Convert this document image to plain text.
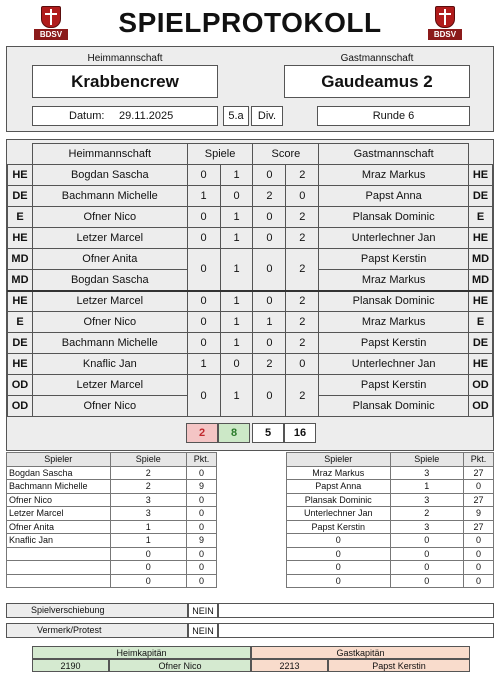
BDSV	BDSV
SPIELPROTOKOLL
Heimmannschaft	Gastmannschaft
Krabbencrew	Gaudeamus 2
Datum: 29.11.2025	5.a	Div.	Runde 6
	Heimmannschaft	Spiele		Score		Gastmannschaft	
HE	Bogdan Sascha	0	1	0	2	Mraz Markus	HE
DE	Bachmann Michelle	1	0	2	0	Papst Anna	DE
E	Ofner Nico	0	1	0	2	Plansak Dominic	E
HE	Letzer Marcel	0	1	0	2	Unterlechner Jan	HE
MD	Ofner Anita	0	1	0	2	Papst Kerstin	MD
MD	Bogdan Sascha					Mraz Markus	MD
HE	Letzer Marcel	0	1	0	2	Plansak Dominic	HE
E	Ofner Nico	0	1	1	2	Mraz Markus	E
DE	Bachmann Michelle	0	1	0	2	Papst Kerstin	DE
HE	Knaflic Jan	1	0	2	0	Unterlechner Jan	HE
OD	Letzer Marcel	0	1	0	2	Papst Kerstin	OD
OD	Ofner Nico					Plansak Dominic	OD
2	8	5	16
Spieler	Spiele	Pkt.
Bogdan Sascha	2	0
Bachmann Michelle	2	9
Ofner Nico	3	0
Letzer Marcel	3	0
Ofner Anita	1	0
Knaflic Jan	1	9
	0	0
	0	0
	0	0
Spieler	Spiele	Pkt.
Mraz Markus	3	27
Papst Anna	1	0
Plansak Dominic	3	27
Unterlechner Jan	2	9
Papst Kerstin	3	27
0	0	0
0	0	0
0	0	0
0	0	0
Spielverschiebung	NEIN
Vermerk/Protest	NEIN
Heimkapitän
2190	Ofner Nico
Gastkapitän
2213	Papst Kerstin
